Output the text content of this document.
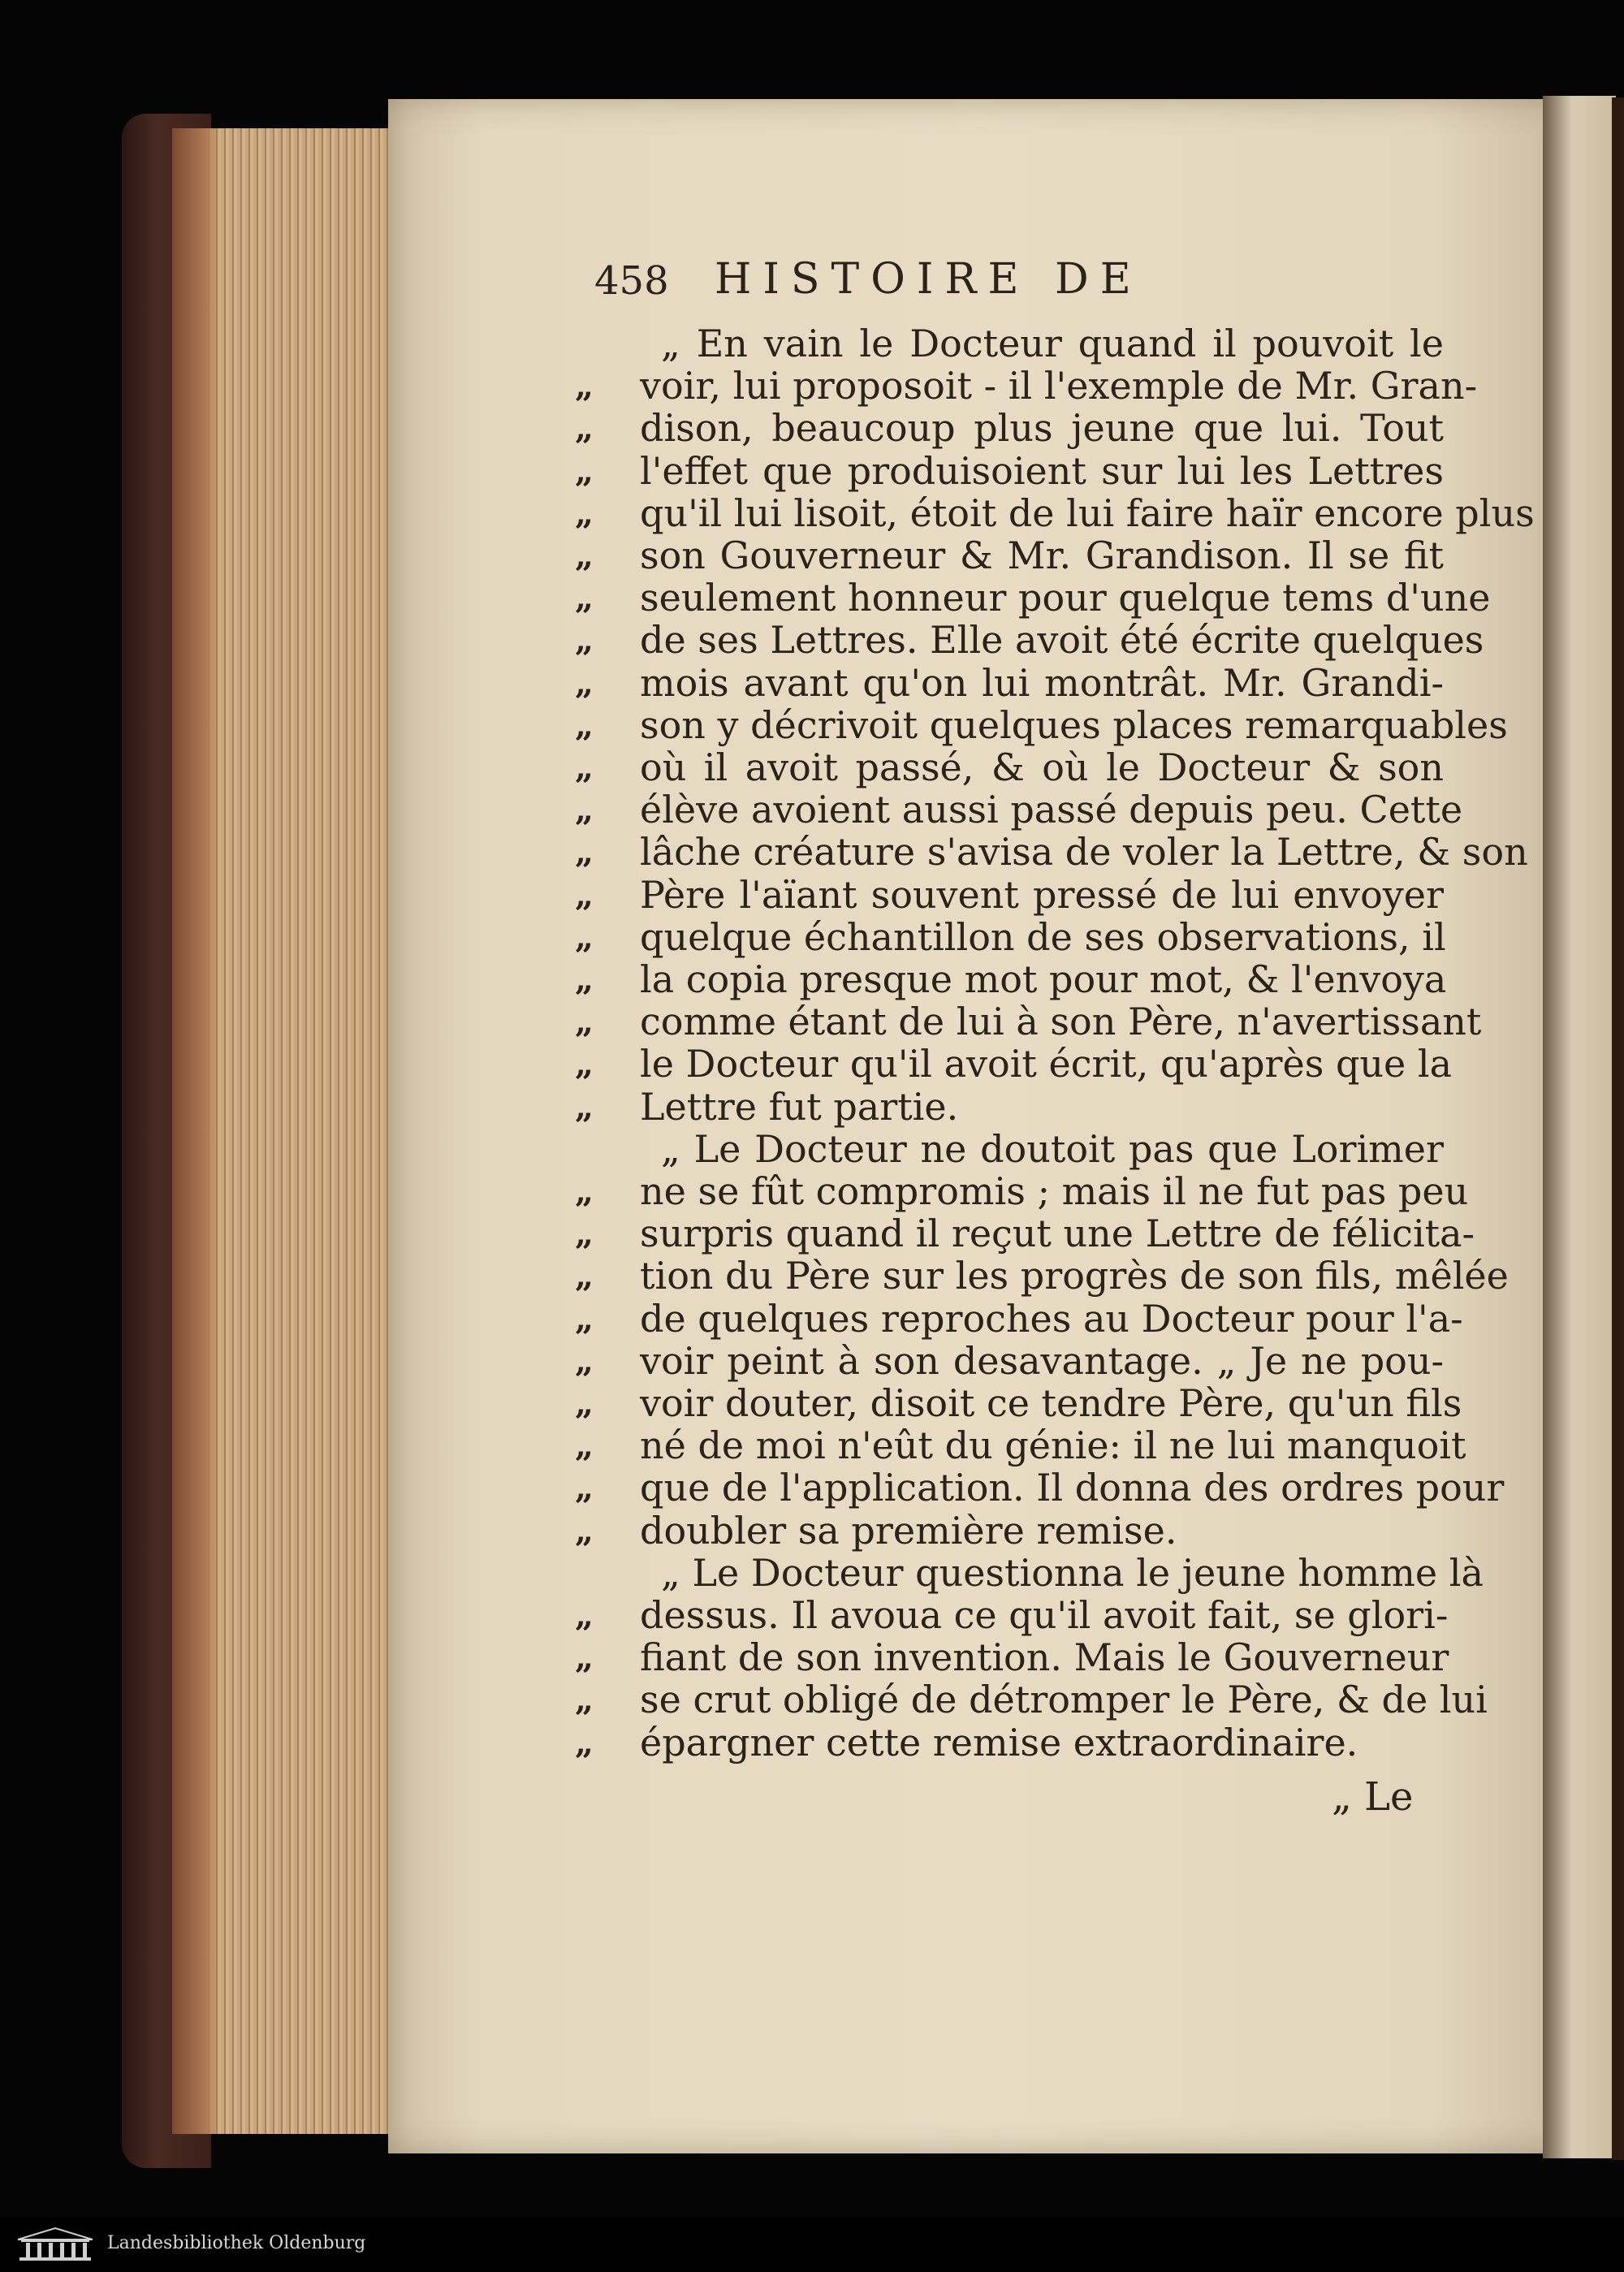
458 HISTOIRE DE
„ En vain le Docteur quand il pouvoit le
„ voir, lui proposoit - il l'exemple de Mr. Gran-
„ dison, beaucoup plus jeune que lui. Tout
„ l'effet que produisoient sur lui les Lettres
„ qu'il lui lisoit, étoit de lui faire haïr encore plus
„ son Gouverneur & Mr. Grandison. Il se fit
„ seulement honneur pour quelque tems d'une
„ de ses Lettres. Elle avoit été écrite quelques
„ mois avant qu'on lui montrât. Mr. Grandi-
„ son y décrivoit quelques places remarquables
„ où il avoit passé, & où le Docteur & son
„ élève avoient aussi passé depuis peu. Cette
„ lâche créature s'avisa de voler la Lettre, & son
„ Père l'aïant souvent pressé de lui envoyer
„ quelque échantillon de ses observations, il
„ la copia presque mot pour mot, & l'envoya
„ comme étant de lui à son Père, n'avertissant
„ le Docteur qu'il avoit écrit, qu'après que la
„ Lettre fut partie.
„ Le Docteur ne doutoit pas que Lorimer
„ ne se fût compromis ; mais il ne fut pas peu
„ surpris quand il reçut une Lettre de félicita-
„ tion du Père sur les progrès de son fils, mêlée
„ de quelques reproches au Docteur pour l'a-
„ voir peint à son desavantage. „ Je ne pou-
„ voir douter, disoit ce tendre Père, qu'un fils
„ né de moi n'eût du génie: il ne lui manquoit
„ que de l'application. Il donna des ordres pour
„ doubler sa première remise.
„ Le Docteur questionna le jeune homme là
„ dessus. Il avoua ce qu'il avoit fait, se glori-
„ fiant de son invention. Mais le Gouverneur
„ se crut obligé de détromper le Père, & de lui
„ épargner cette remise extraordinaire.
„ Le
Landesbibliothek Oldenburg
